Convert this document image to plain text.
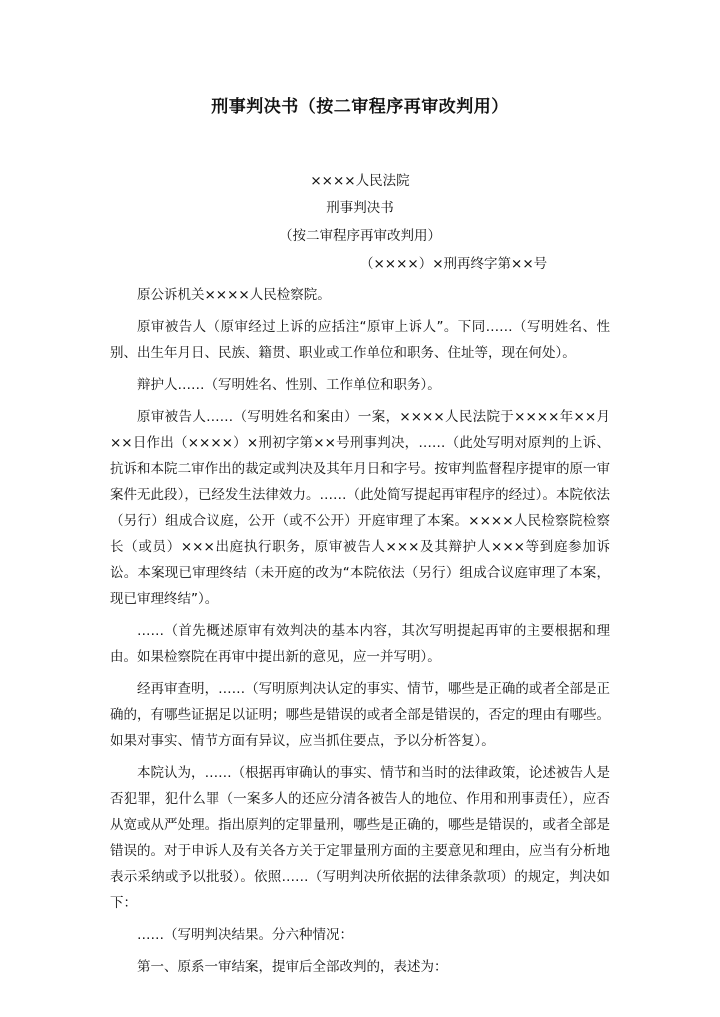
刑事判决书（按二审程序再审改判用）
××××人民法院
刑事判决书
（按二审程序再审改判用）
（××××）×刑再终字第××号

原公诉机关××××人民检察院。

原审被告人（原审经过上诉的应括注“原审上诉人”。下同……（写明姓名、性别、出生年月日、民族、籍贯、职业或工作单位和职务、住址等，现在何处）。

辩护人……（写明姓名、性别、工作单位和职务）。

原审被告人……（写明姓名和案由）一案，××××人民法院于××××年××月××日作出（××××）×刑初字第××号刑事判决，……（此处写明对原判的上诉、抗诉和本院二审作出的裁定或判决及其年月日和字号。按审判监督程序提审的原一审案件无此段），已经发生法律效力。……（此处简写提起再审程序的经过）。本院依法（另行）组成合议庭，公开（或不公开）开庭审理了本案。××××人民检察院检察长（或员）×××出庭执行职务，原审被告人×××及其辩护人×××等到庭参加诉讼。本案现已审理终结（未开庭的改为“本院依法（另行）组成合议庭审理了本案，现已审理终结”）。

……（首先概述原审有效判决的基本内容，其次写明提起再审的主要根据和理由。如果检察院在再审中提出新的意见，应一并写明）。

经再审查明，……（写明原判决认定的事实、情节，哪些是正确的或者全部是正确的，有哪些证据足以证明；哪些是错误的或者全部是错误的，否定的理由有哪些。如果对事实、情节方面有异议，应当抓住要点，予以分析答复）。

本院认为，……（根据再审确认的事实、情节和当时的法律政策，论述被告人是否犯罪，犯什么罪（一案多人的还应分清各被告人的地位、作用和刑事责任），应否从宽或从严处理。指出原判的定罪量刑，哪些是正确的，哪些是错误的，或者全部是错误的。对于申诉人及有关各方关于定罪量刑方面的主要意见和理由，应当有分析地表示采纳或予以批驳）。依照……（写明判决所依据的法律条款项）的规定，判决如下：

……（写明判决结果。分六种情况：

第一、原系一审结案，提审后全部改判的，表述为：
